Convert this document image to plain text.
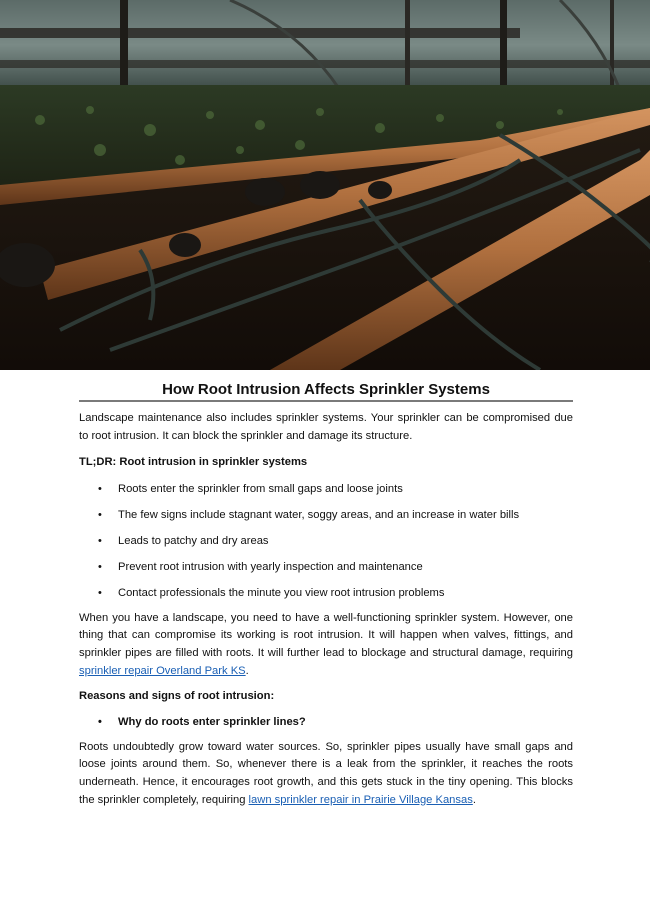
How Root Intrusion Affects Sprinkler Systems

Landscape maintenance also includes sprinkler systems. Your sprinkler can be compromised due to root intrusion. It can block the sprinkler and damage its structure.

TL;DR: Root intrusion in sprinkler systems
• Roots enter the sprinkler from small gaps and loose joints
• The few signs include stagnant water, soggy areas, and an increase in water bills
• Leads to patchy and dry areas
• Prevent root intrusion with yearly inspection and maintenance
• Contact professionals the minute you view root intrusion problems

When you have a landscape, you need to have a well-functioning sprinkler system. However, one thing that can compromise its working is root intrusion. It will happen when valves, fittings, and sprinkler pipes are filled with roots. It will further lead to blockage and structural damage, requiring sprinkler repair Overland Park KS.

Reasons and signs of root intrusion:
• Why do roots enter sprinkler lines?

Roots undoubtedly grow toward water sources. So, sprinkler pipes usually have small gaps and loose joints around them. So, whenever there is a leak from the sprinkler, it reaches the roots underneath. Hence, it encourages root growth, and this gets stuck in the tiny opening. This blocks the sprinkler completely, requiring lawn sprinkler repair in Prairie Village Kansas.
